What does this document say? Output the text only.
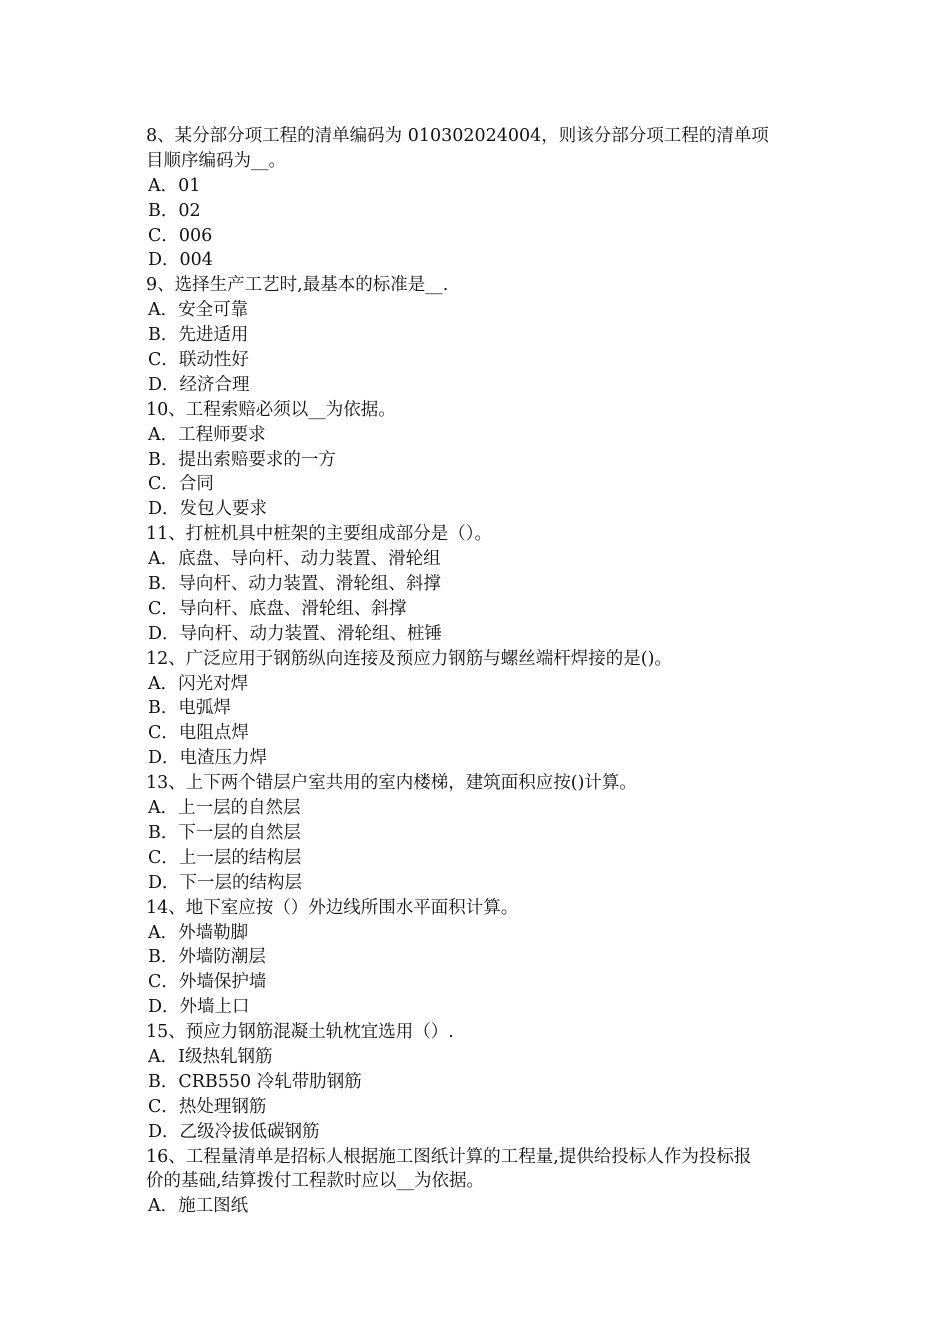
8、某分部分项工程的清单编码为 010302024004，则该分部分项工程的清单项
目顺序编码为__。
A．01
B．02
C．006
D．004
9、选择生产工艺时,最基本的标准是__.
A．安全可靠
B．先进适用
C．联动性好
D．经济合理
10、工程索赔必须以__为依据。
A．工程师要求
B．提出索赔要求的一方
C．合同
D．发包人要求
11、打桩机具中桩架的主要组成部分是（）。
A．底盘、导向杆、动力装置、滑轮组
B．导向杆、动力装置、滑轮组、斜撑
C．导向杆、底盘、滑轮组、斜撑
D．导向杆、动力装置、滑轮组、桩锤
12、广泛应用于钢筋纵向连接及预应力钢筋与螺丝端杆焊接的是()。
A．闪光对焊
B．电弧焊
C．电阻点焊
D．电渣压力焊
13、上下两个错层户室共用的室内楼梯，建筑面积应按()计算。
A．上一层的自然层
B．下一层的自然层
C．上一层的结构层
D．下一层的结构层
14、地下室应按（）外边线所围水平面积计算。
A．外墙勒脚
B．外墙防潮层
C．外墙保护墙
D．外墙上口
15、预应力钢筋混凝土轨枕宜选用（）.
A．Ⅰ级热轧钢筋
B．CRB550 冷轧带肋钢筋
C．热处理钢筋
D．乙级冷拔低碳钢筋
16、工程量清单是招标人根据施工图纸计算的工程量,提供给投标人作为投标报
价的基础,结算拨付工程款时应以__为依据。
A．施工图纸
